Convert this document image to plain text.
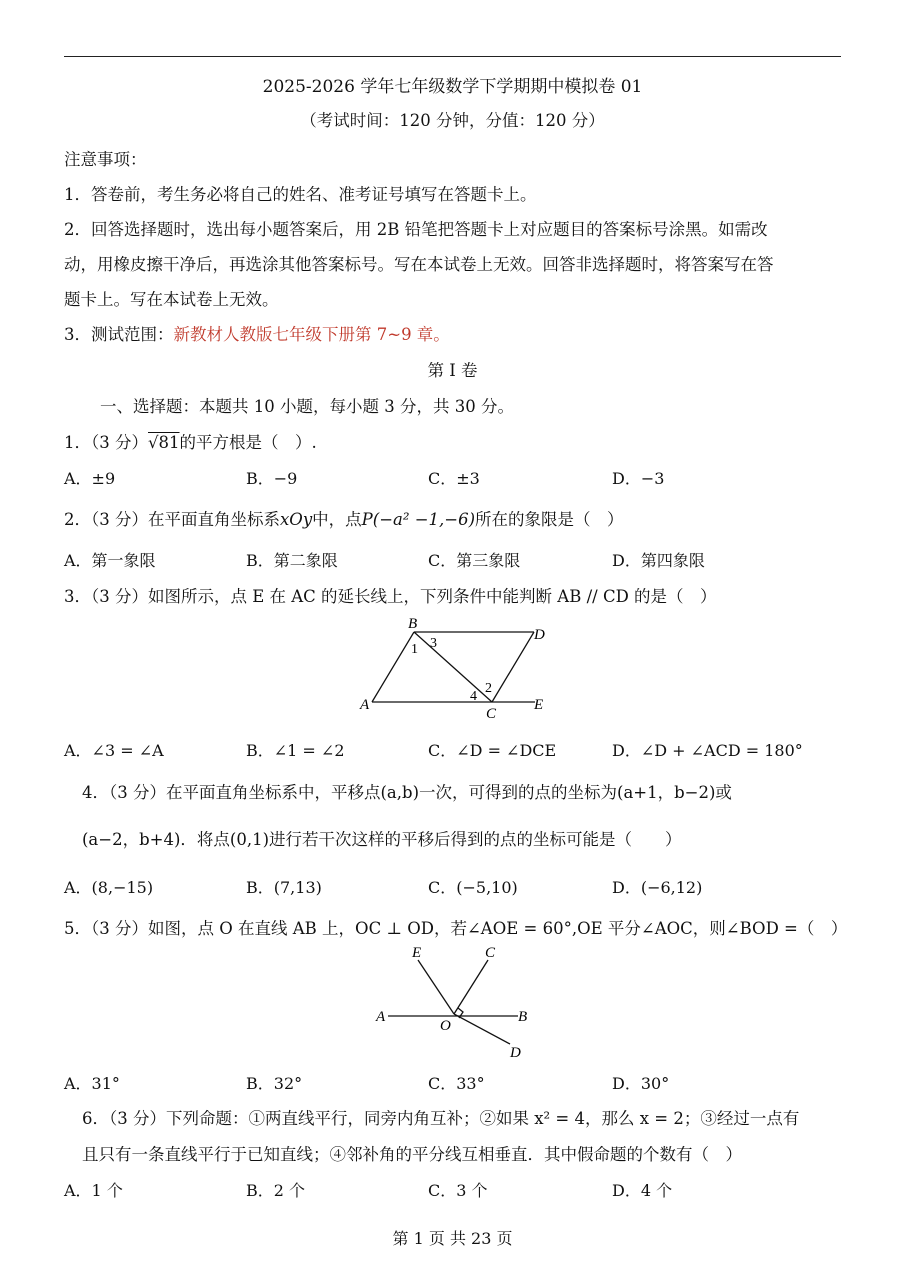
2025-2026 学年七年级数学下学期期中模拟卷 01
（考试时间：120 分钟，分值：120 分）
注意事项：
1．答卷前，考生务必将自己的姓名、准考证号填写在答题卡上。
2．回答选择题时，选出每小题答案后，用 2B 铅笔把答题卡上对应题目的答案标号涂黑。如需改
动，用橡皮擦干净后，再选涂其他答案标号。写在本试卷上无效。回答非选择题时，将答案写在答
题卡上。写在本试卷上无效。
3．测试范围：新教材人教版七年级下册第 7~9 章。
第 I 卷
一、选择题：本题共 10 小题，每小题 3 分，共 30 分。
1．（3 分）√81的平方根是（　）.
A．±9	B．−9	C．±3	D．−3
2．（3 分）在平面直角坐标系xOy中，点P(−a² −1,−6)所在的象限是（　）
A．第一象限	B．第二象限	C．第三象限	D．第四象限
3．（3 分）如图所示，点 E 在 AC 的延长线上，下列条件中能判断 AB // CD 的是（　）
B
D
A
C
E
1 3
2
4
A．∠3 = ∠A	B．∠1 = ∠2	C．∠D = ∠DCE	D．∠D + ∠ACD = 180°
4．（3 分）在平面直角坐标系中，平移点(a,b)一次，可得到的点的坐标为(a+1，b−2)或
(a−2，b+4)．将点(0,1)进行若干次这样的平移后得到的点的坐标可能是（　　）
A．(8,−15)	B．(7,13)	C．(−5,10)	D．(−6,12)
5．（3 分）如图，点 O 在直线 AB 上，OC ⊥ OD，若∠AOE = 60°,OE 平分∠AOC，则∠BOD =（　）
E	C
A
O
B
D
A．31°	B．32°	C．33°	D．30°
6．（3 分）下列命题：①两直线平行，同旁内角互补；②如果 x² = 4，那么 x = 2；③经过一点有
且只有一条直线平行于已知直线；④邻补角的平分线互相垂直．其中假命题的个数有（　）
A．1 个	B．2 个	C．3 个	D．4 个
第 1 页 共 23 页
